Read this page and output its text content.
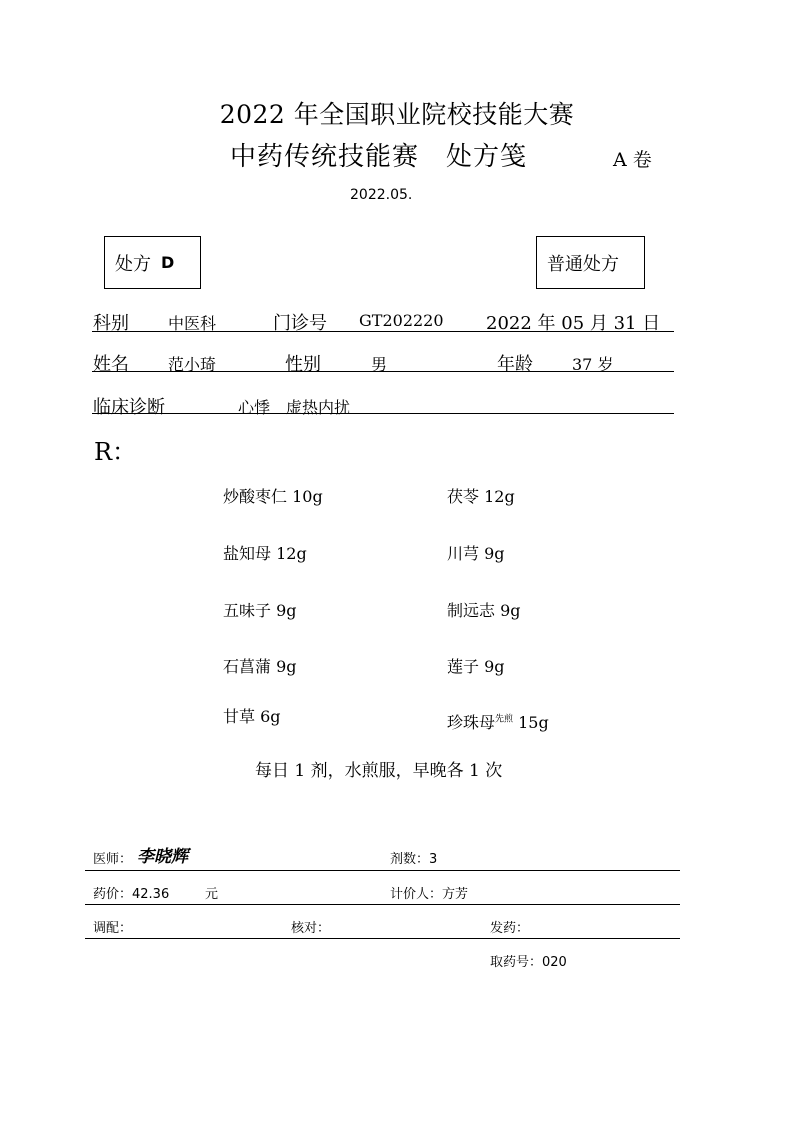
2022 年全国职业院校技能大赛
中药传统技能赛　处方笺	A 卷
2022.05.
处方 D	普通处方
科别 中医科	门诊号 GT202220 2022 年 05 月 31 日
姓名 范小琦	性别	男	年龄 37 岁
临床诊断	心悸　虚热内扰
R：
炒酸枣仁 10g	茯苓 12g
盐知母 12g	川芎 9g
五味子 9g	制远志 9g
石菖蒲 9g	莲子 9g
甘草 6g	珍珠母$^{先煎}$ 15g
每日 1 剂，水煎服，早晚各 1 次
医师： 李晓辉	剂数：3
药价：42.36	元	计价人：方芳
调配：	核对：	发药：
取药号：020
